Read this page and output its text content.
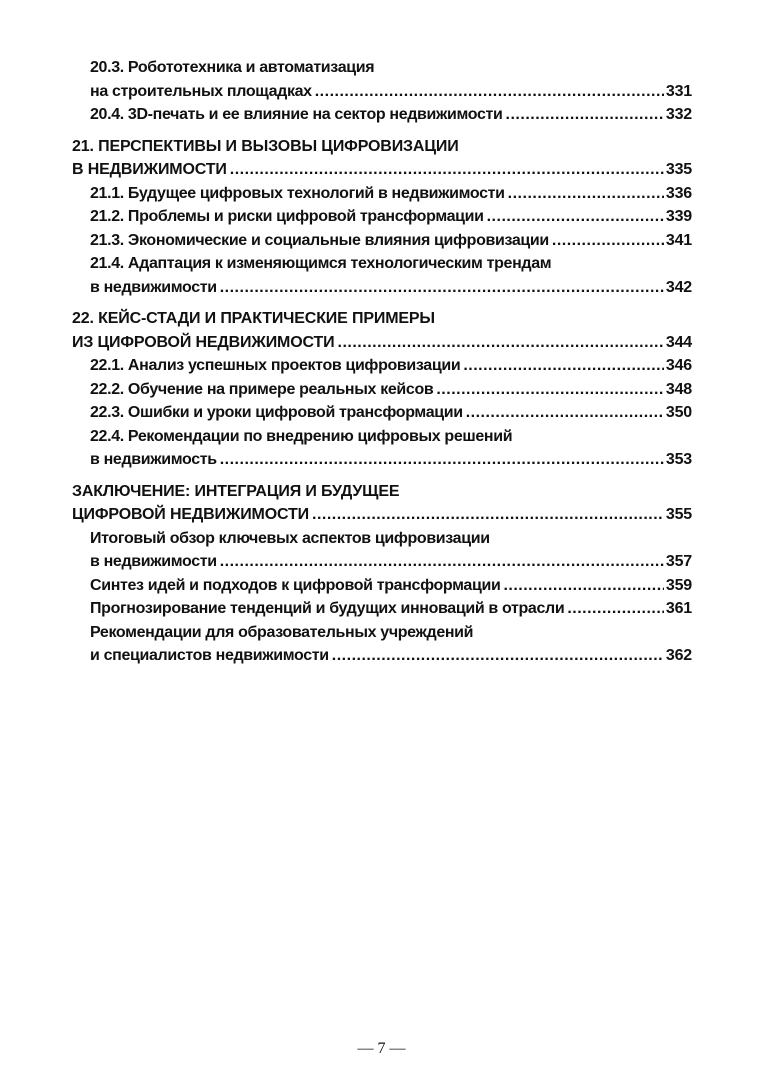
20.3. Робототехника и автоматизация
на строительных площадках .....	331
20.4. 3D-печать и ее влияние на сектор недвижимости .....	332
21. ПЕРСПЕКТИВЫ И ВЫЗОВЫ ЦИФРОВИЗАЦИИ
В НЕДВИЖИМОСТИ .....	335
21.1. Будущее цифровых технологий в недвижимости .....	336
21.2. Проблемы и риски цифровой трансформации .....	339
21.3. Экономические и социальные влияния цифровизации .....	341
21.4. Адаптация к изменяющимся технологическим трендам
в недвижимости .....	342
22. КЕЙС-СТАДИ И ПРАКТИЧЕСКИЕ ПРИМЕРЫ
ИЗ ЦИФРОВОЙ НЕДВИЖИМОСТИ .....	344
22.1. Анализ успешных проектов цифровизации .....	346
22.2. Обучение на примере реальных кейсов .....	348
22.3. Ошибки и уроки цифровой трансформации .....	350
22.4. Рекомендации по внедрению цифровых решений
в недвижимость .....	353
ЗАКЛЮЧЕНИЕ: ИНТЕГРАЦИЯ И БУДУЩЕЕ
ЦИФРОВОЙ НЕДВИЖИМОСТИ .....	355
Итоговый обзор ключевых аспектов цифровизации
в недвижимости .....	357
Синтез идей и подходов к цифровой трансформации .....	359
Прогнозирование тенденций и будущих инноваций в отрасли .....	361
Рекомендации для образовательных учреждений
и специалистов недвижимости .....	362
— 7 —
